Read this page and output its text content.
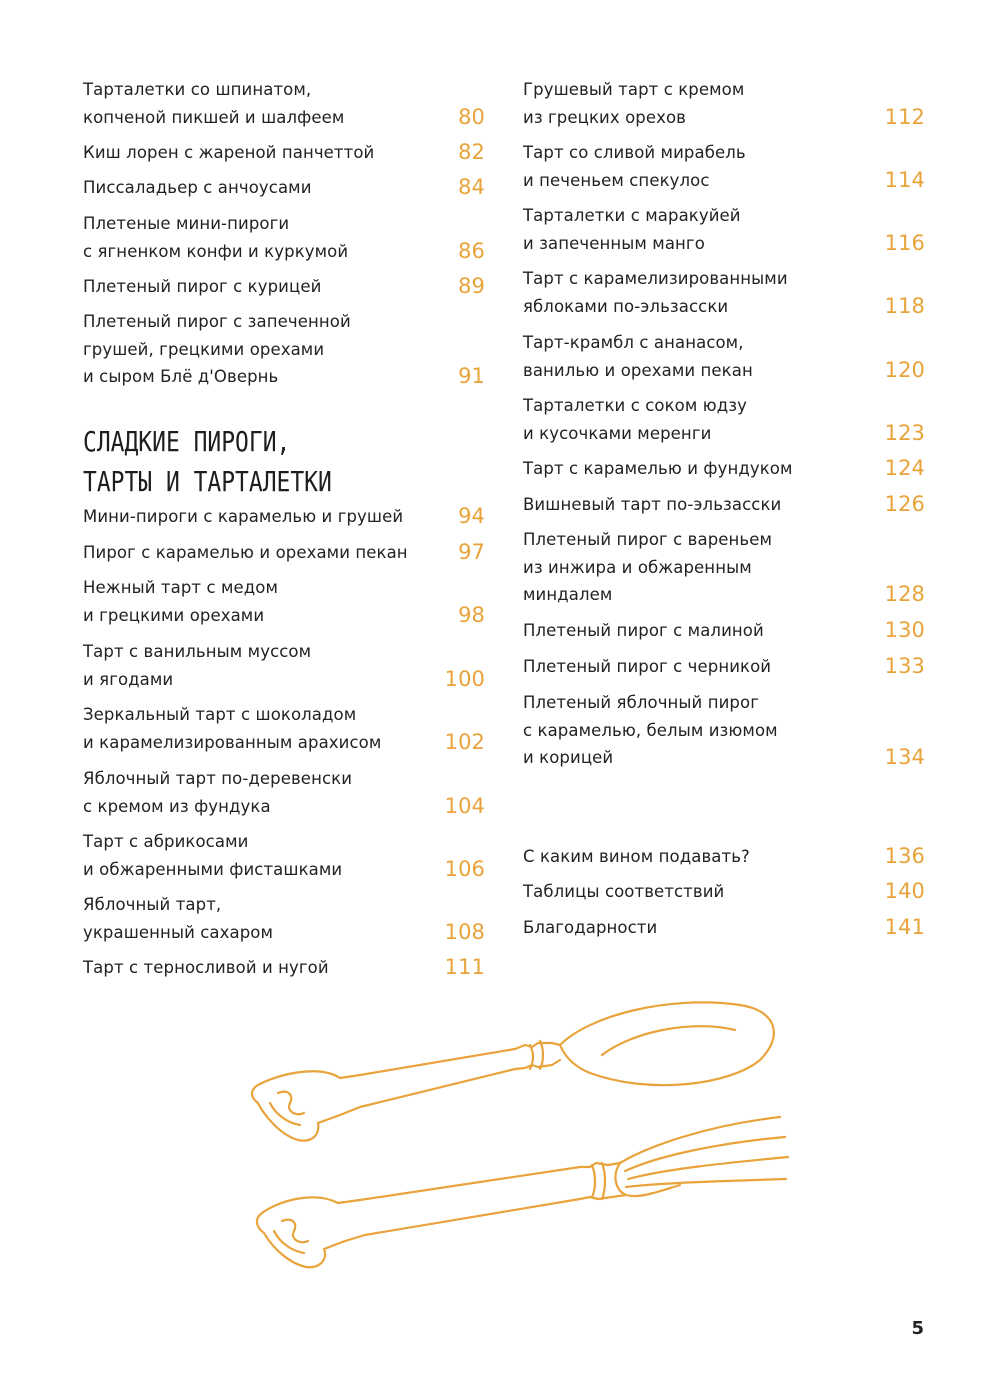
Тарталетки со шпинатом,
копченой пикшей и шалфеем	80
Киш лорен с жареной панчеттой	82
Писсаладьер с анчоусами	84
Плетеные мини-пироги
с ягненком конфи и куркумой	86
Плетеный пирог с курицей	89
Плетеный пирог с запеченной
грушей, грецкими орехами
и сыром Блё д'Овернь	91
СЛАДКИЕ ПИРОГИ,
ТАРТЫ И ТАРТАЛЕТКИ
Мини-пироги с карамелью и грушей	94
Пирог с карамелью и орехами пекан	97
Нежный тарт с медом
и грецкими орехами	98
Тарт с ванильным муссом
и ягодами	100
Зеркальный тарт с шоколадом
и карамелизированным арахисом	102
Яблочный тарт по-деревенски
с кремом из фундука	104
Тарт с абрикосами
и обжаренными фисташками	106
Яблочный тарт,
украшенный сахаром	108
Тарт с терносливой и нугой	111
Грушевый тарт с кремом
из грецких орехов	112
Тарт со сливой мирабель
и печеньем спекулос	114
Тарталетки с маракуйей
и запеченным манго	116
Тарт с карамелизированными
яблоками по-эльзасски	118
Тарт-крамбл с ананасом,
ванилью и орехами пекан	120
Тарталетки с соком юдзу
и кусочками меренги	123
Тарт с карамелью и фундуком	124
Вишневый тарт по-эльзасски	126
Плетеный пирог с вареньем
из инжира и обжаренным
миндалем	128
Плетеный пирог с малиной	130
Плетеный пирог с черникой	133
Плетеный яблочный пирог
с карамелью, белым изюмом
и корицей	134
С каким вином подавать?	136
Таблицы соответствий	140
Благодарности	141
5
